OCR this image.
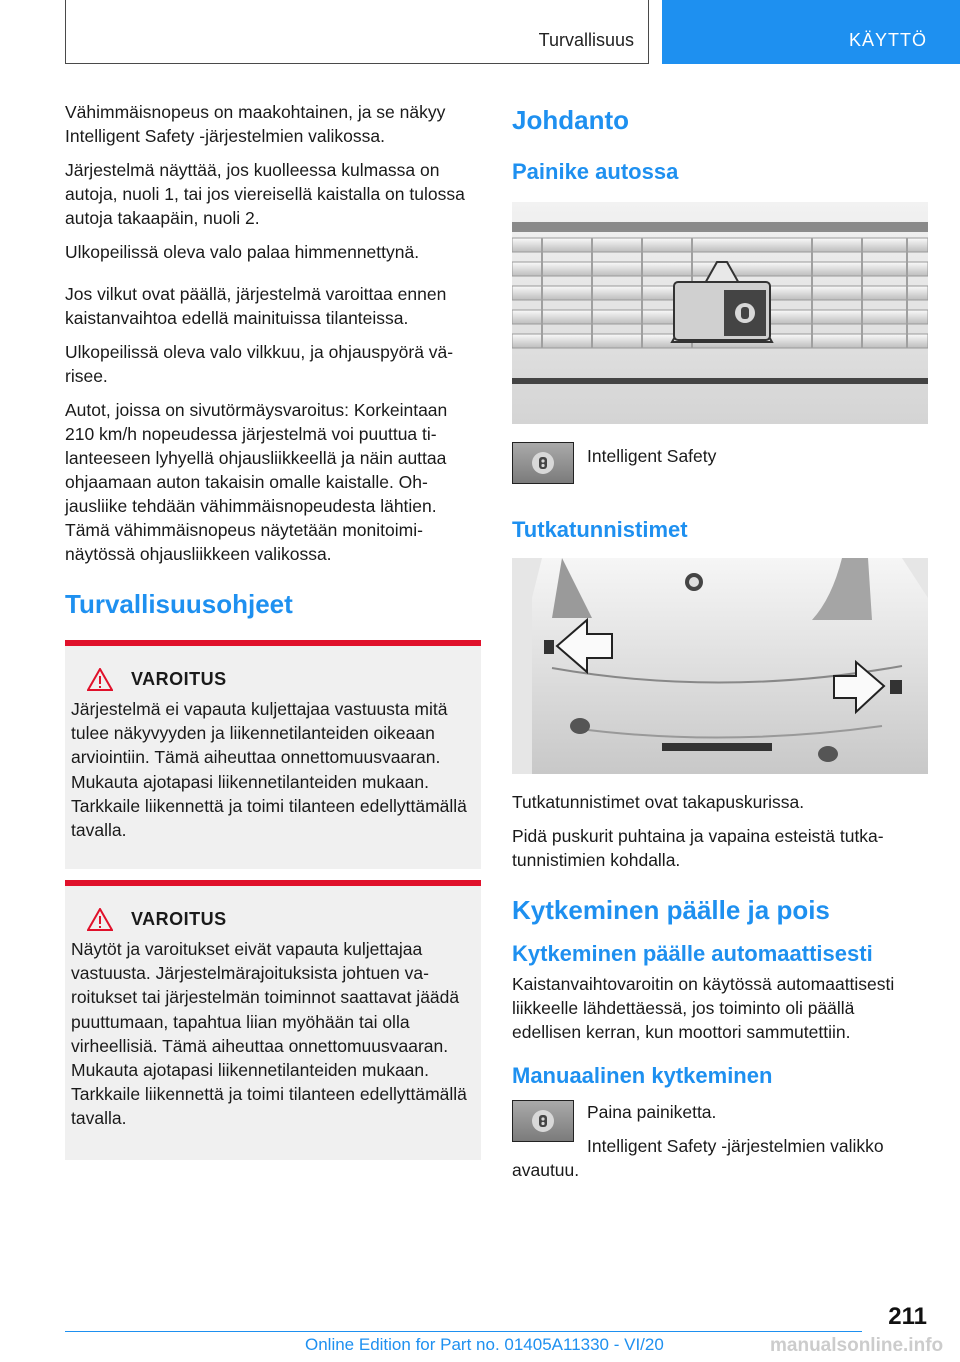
Turvallisuus	KÄYTTÖ

Vähimmäisnopeus on maakohtainen, ja se näkyy Intelligent Safety -järjestelmien valikossa.

Järjestelmä näyttää, jos kuolleessa kulmassa on autoja, nuoli 1, tai jos viereisellä kaistalla on tulossa autoja takaapäin, nuoli 2.

Ulkopeilissä oleva valo palaa himmennettynä.

Jos vilkut ovat päällä, järjestelmä varoittaa ennen kaistanvaihtoa edellä mainituissa tilanteissa.

Ulkopeilissä oleva valo vilkkuu, ja ohjauspyörä värisee.

Autot, joissa on sivutörmäysvaroitus: Korkeintaan 210 km/h nopeudessa järjestelmä voi puuttua tilanteeseen lyhyellä ohjausliikkeellä ja näin auttaa ohjaamaan auton takaisin omalle kaistalle. Ohjausliike tehdään vähimmäisnopeudesta lähtien. Tämä vähimmäisnopeus näytetään monitoiminäytössä ohjausliikkeen valikossa.

Turvallisuusohjeet
VAROITUS

Järjestelmä ei vapauta kuljettajaa vastuusta mitä tulee näkyvyyden ja liikennetilanteiden oikeaan arviointiin. Tämä aiheuttaa onnettomuusvaaran. Mukauta ajotapasi liikennetilanteiden mukaan. Tarkkaile liikennettä ja toimi tilanteen edellyttämällä tavalla.

VAROITUS

Näytöt ja varoitukset eivät vapauta kuljettajaa vastuusta. Järjestelmärajoituksista johtuen varoitukset tai järjestelmän toiminnot saattavat jäädä puuttumaan, tapahtua liian myöhään tai olla virheellisiä. Tämä aiheuttaa onnettomuusvaaran. Mukauta ajotapasi liikennetilanteiden mukaan. Tarkkaile liikennettä ja toimi tilanteen edellyttämällä tavalla.

Johdanto
Painike autossa

Intelligent Safety

Tutkatunnistimet

Tutkatunnistimet ovat takapuskurissa.

Pidä puskurit puhtaina ja vapaina esteistä tutkatunnistimien kohdalla.

Kytkeminen päälle ja pois
Kytkeminen päälle automaattisesti

Kaistanvaihtovaroitin on käytössä automaattisesti liikkeelle lähdettäessä, jos toiminto oli päällä edellisen kerran, kun moottori sammutettiin.

Manuaalinen kytkeminen

Paina painiketta.

Intelligent Safety -järjestelmien valikko avautuu.

211
Online Edition for Part no. 01405A11330 - VI/20	manualsonline.info
